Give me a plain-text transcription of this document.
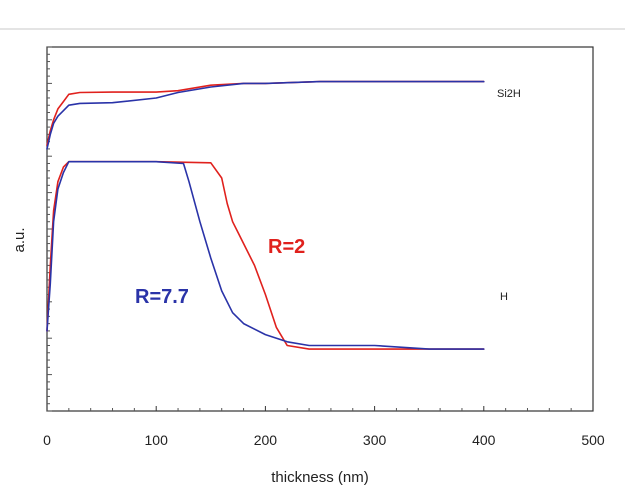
0	100	200	300	400	500
thickness (nm)
a.u.	R=2
R=7.7
Si2H
H
